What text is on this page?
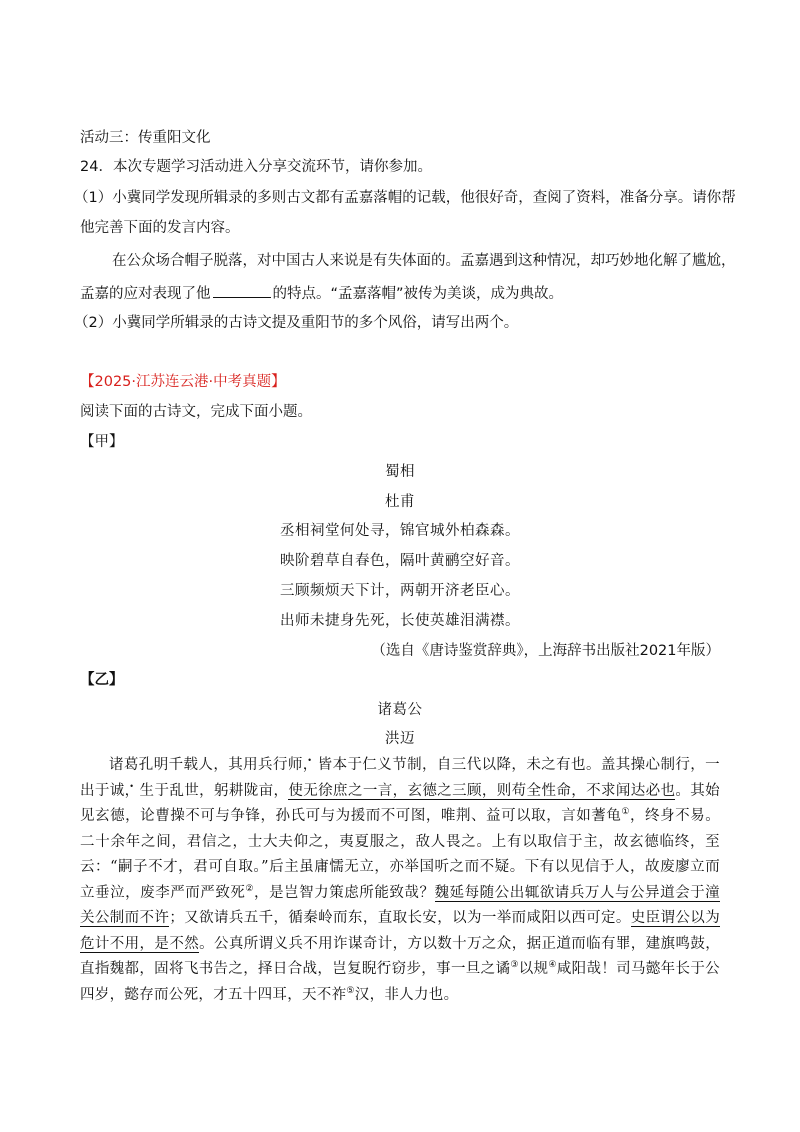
活动三：传重阳文化
24．本次专题学习活动进入分享交流环节，请你参加。
（1）小冀同学发现所辑录的多则古文都有孟嘉落帽的记载，他很好奇，查阅了资料，准备分享。请你帮
他完善下面的发言内容。
在公众场合帽子脱落，对中国古人来说是有失体面的。孟嘉遇到这种情况，却巧妙地化解了尴尬，
孟嘉的应对表现了他	的特点。“孟嘉落帽”被传为美谈，成为典故。
（2）小冀同学所辑录的古诗文提及重阳节的多个风俗，请写出两个。
【2025·江苏连云港·中考真题】
阅读下面的古诗文，完成下面小题。
【甲】
蜀相
杜甫
丞相祠堂何处寻，锦官城外柏森森。
映阶碧草自春色，隔叶黄鹂空好音。
三顾频烦天下计，两朝开济老臣心。
出师未捷身先死，长使英雄泪满襟。
（选自《唐诗鉴赏辞典》，上海辞书出版社2021年版）
【乙】
诸葛公
洪迈

诸葛孔明千载人，其用兵行师，皆本于仁义节制，自三代以降，未之有也。盖其操心制行，一出于诚，生于乱世，躬耕陇亩，使无徐庶之一言，玄德之三顾，则苟全性命，不求闻达必也。其始见玄德，论曹操不可与争锋，孙氏可与为援而不可图，唯荆、益可以取，言如蓍龟①，终身不易。二十余年之间，君信之，士大夫仰之，夷夏服之，敌人畏之。上有以取信于主，故玄德临终，至云：“嗣子不才，君可自取。”后主虽庸懦无立，亦举国听之而不疑。下有以见信于人，故废廖立而立垂泣，废李严而严致死②，是岂智力策虑所能致哉？魏延每随公出辄欲请兵万人与公异道会于潼关公制而不许；又欲请兵五千，循秦岭而东，直取长安，以为一举而咸阳以西可定。史臣谓公以为危计不用，是不然。公真所谓义兵不用诈谋奇计，方以数十万之众，据正道而临有罪，建旗鸣鼓，直指魏都，固将飞书告之，择日合战，岂复睨行窃步，事一旦之谲③以规④咸阳哉！司马懿年长于公四岁，懿存而公死，才五十四耳，天不祚⑤汉，非人力也。
